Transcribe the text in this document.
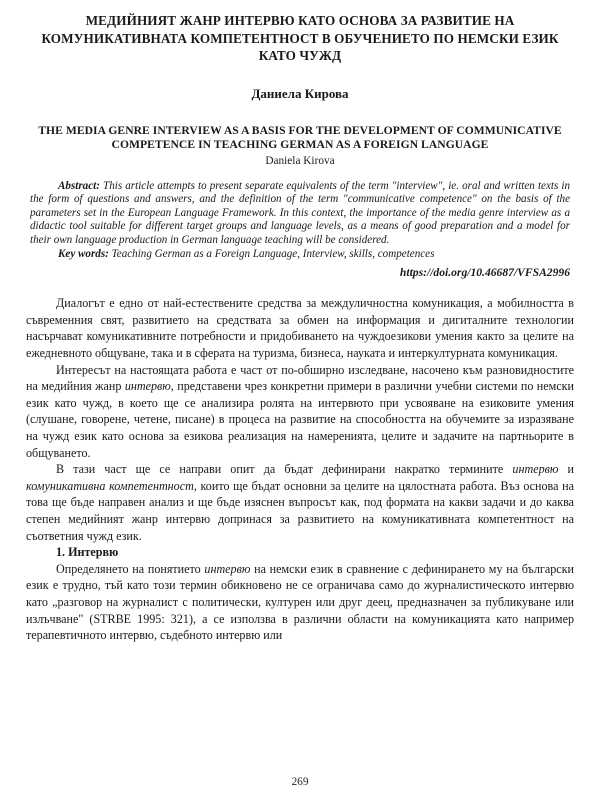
МЕДИЙНИЯТ ЖАНР ИНТЕРВЮ КАТО ОСНОВА ЗА РАЗВИТИЕ НА КОМУНИКАТИВНАТА КОМПЕТЕНТНОСТ В ОБУЧЕНИЕТО ПО НЕМСКИ ЕЗИК КАТО ЧУЖД
Даниела Кирова
THE MEDIA GENRE INTERVIEW AS A BASIS FOR THE DEVELOPMENT OF COMMUNICATIVE COMPETENCE IN TEACHING GERMAN AS A FOREIGN LANGUAGE
Daniela Kirova

Abstract: This article attempts to present separate equivalents of the term "interview", ie. oral and written texts in the form of questions and answers, and the definition of the term "communicative competence" on the basis of the parameters set in the European Language Framework. In this context, the importance of the media genre interview as a didactic tool suitable for different target groups and language levels, as a means of good preparation and a model for their own language production in German language teaching will be considered.

Key words: Teaching German as a Foreign Language, Interview, skills, competences

https://doi.org/10.46687/VFSA2996

Диалогът е едно от най-естествените средства за междуличностна комуникация, а мобилността в съвременния свят, развитието на средствата за обмен на информация и дигиталните технологии насърчават комуникативните потребности и придобиването на чуждоезикови умения както за целите на ежедневното общуване, така и в сферата на туризма, бизнеса, науката и интеркултурната комуникация.

Интересът на настоящата работа е част от по-обширно изследване, насочено към разновидностите на медийния жанр интервю, представени чрез конкретни примери в различни учебни системи по немски език като чужд, в което ще се анализира ролята на интервюто при усвояване на езиковите умения (слушане, говорене, четене, писане) в процеса на развитие на способността на обучемите за изразяване на чужд език като основа за езикова реализация на намеренията, целите и задачите на партньорите в общуването.

В тази част ще се направи опит да бъдат дефинирани накратко термините интервю и комуникативна компетентност, които ще бъдат основни за целите на цялостната работа. Въз основа на това ще бъде направен анализ и ще бъде изяснен въпросът как, под формата на какви задачи и до каква степен медийният жанр интервю допринася за развитието на комуникативната компетентност на съответния чужд език.

1. Интервю

Определянето на понятието интервю на немски език в сравнение с дефинирането му на български език е трудно, тъй като този термин обикновено не се ограничава само до журналистическото интервю като „разговор на журналист с политически, културен или друг деец, предназначен за публикуване или излъчване" (STRBE 1995: 321), а се използва в различни области на комуникацията като например терапевтичното интервю, съдебното интервю или

269
